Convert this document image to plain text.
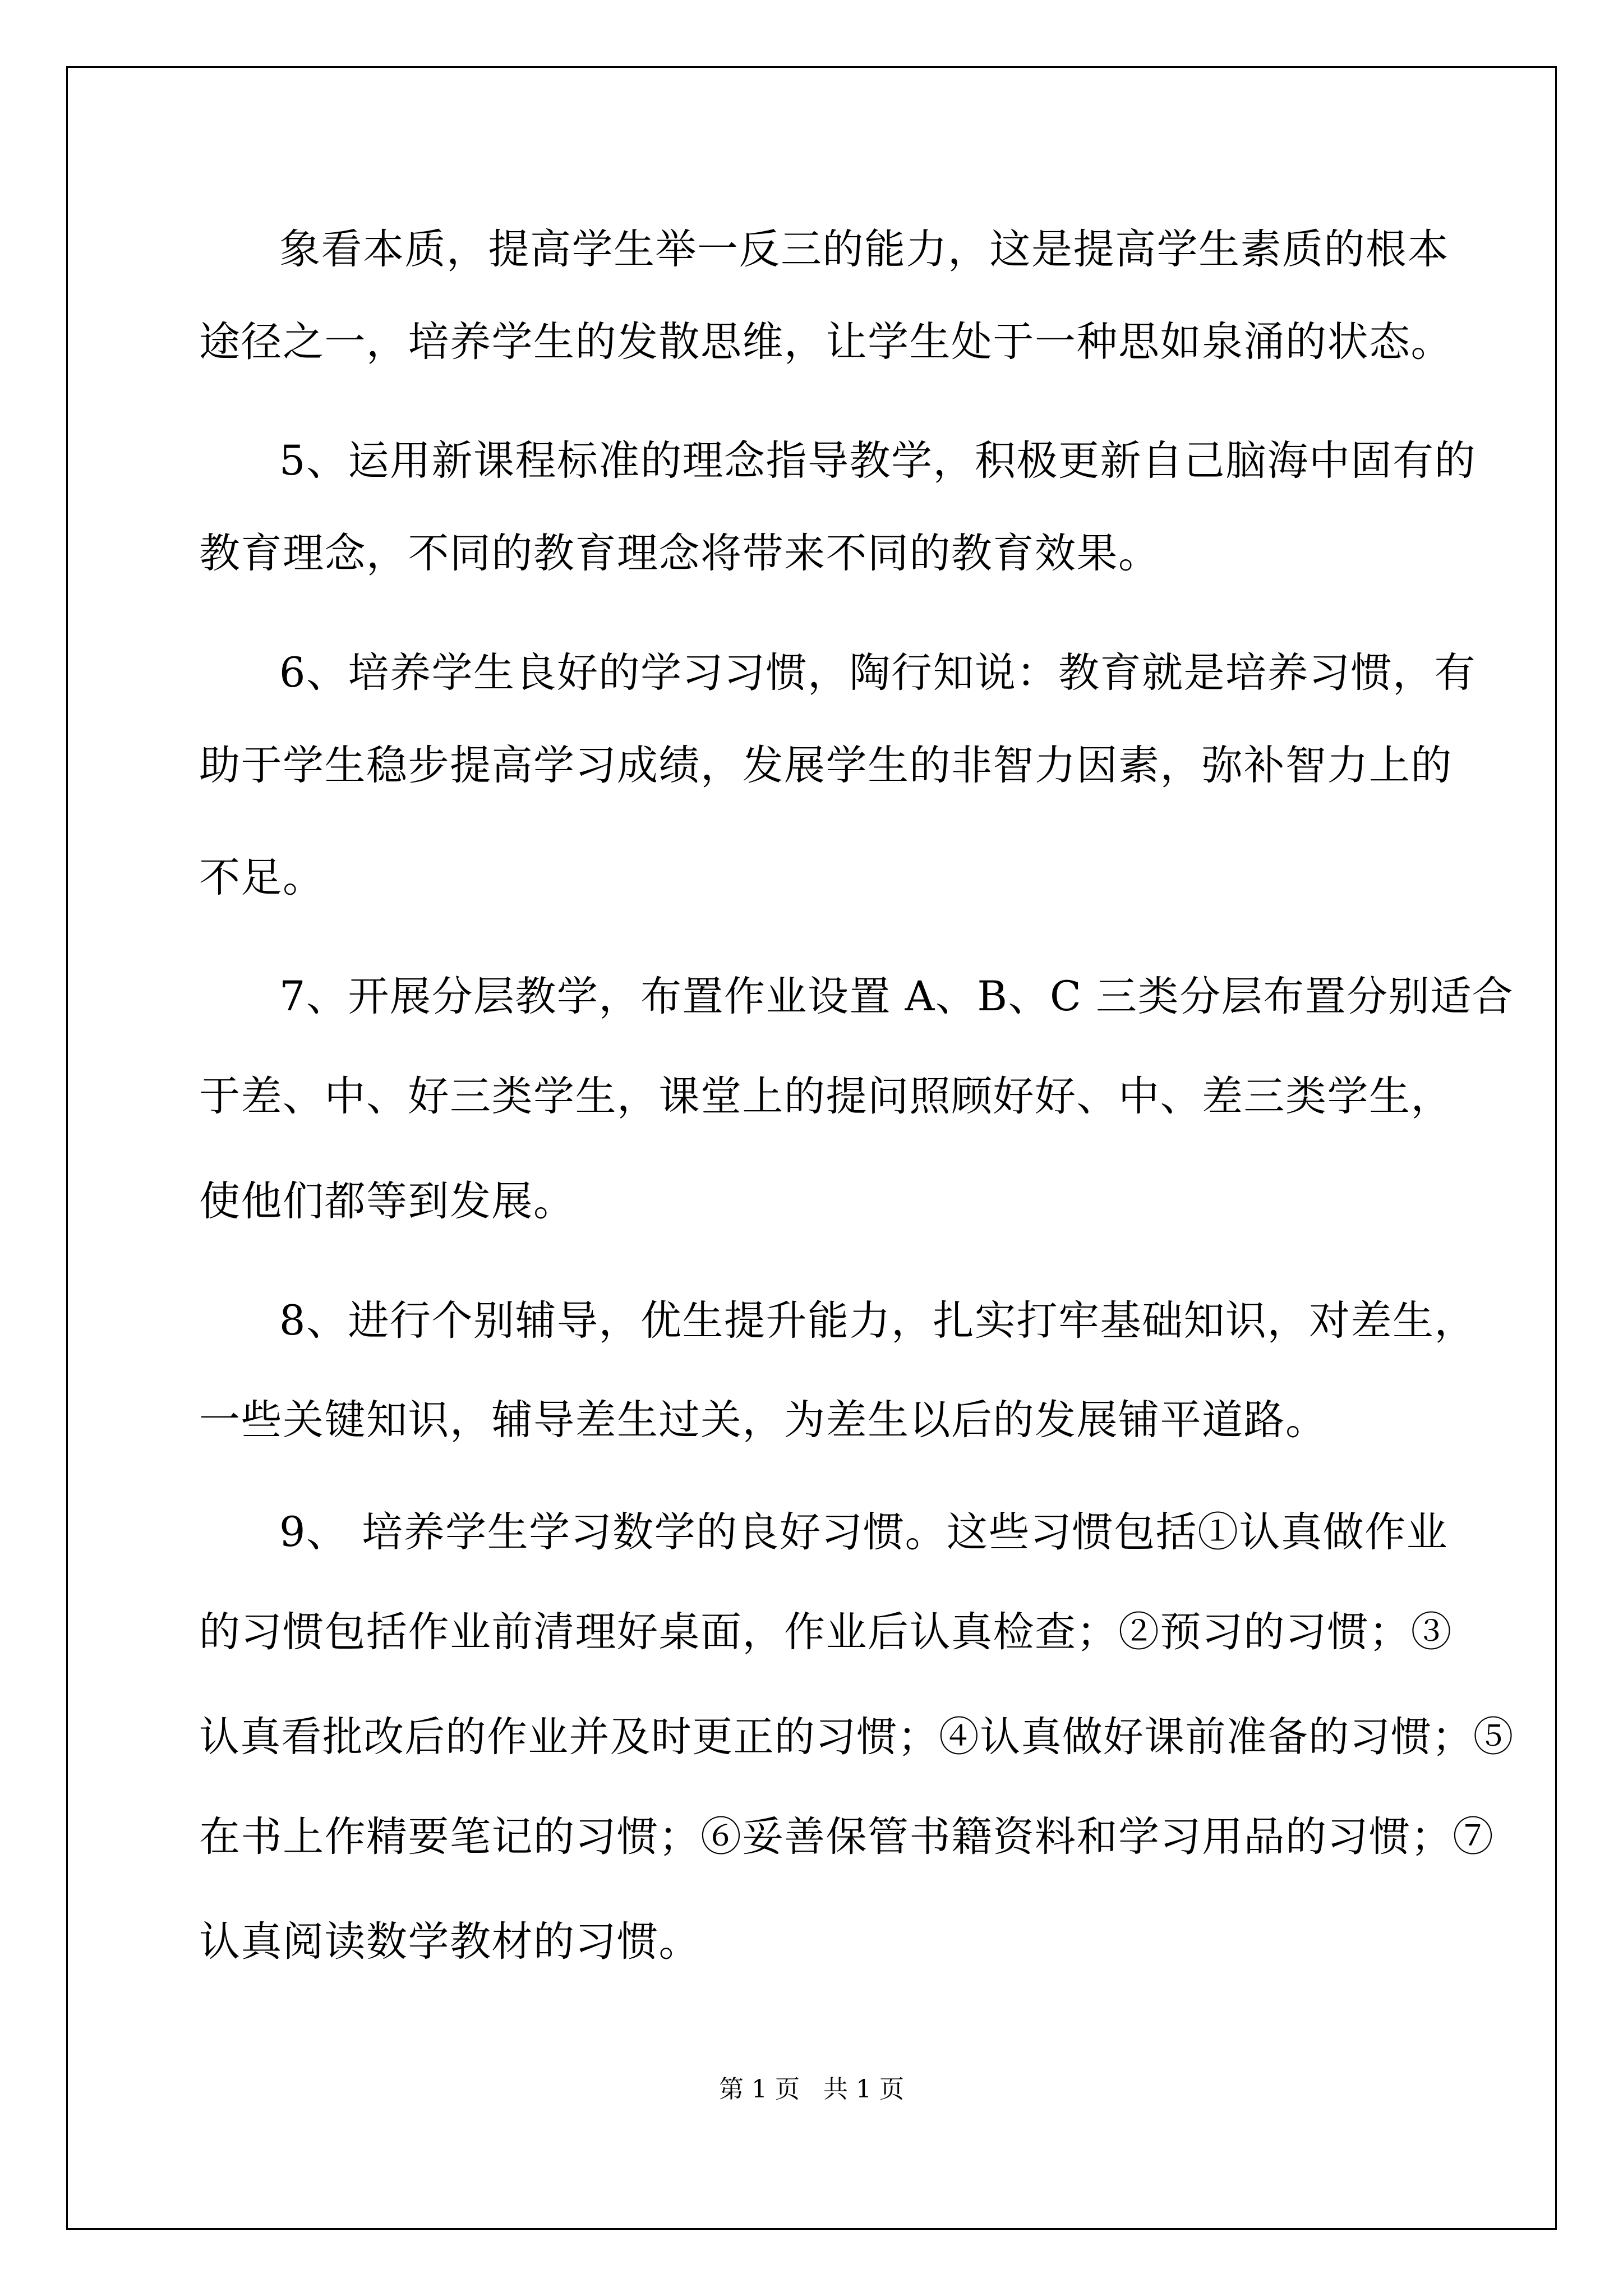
象看本质，提高学生举一反三的能力，这是提高学生素质的根本

途径之一，培养学生的发散思维，让学生处于一种思如泉涌的状态。

5、运用新课程标准的理念指导教学，积极更新自己脑海中固有的

教育理念，不同的教育理念将带来不同的教育效果。

6、培养学生良好的学习习惯，陶行知说：教育就是培养习惯，有

助于学生稳步提高学习成绩，发展学生的非智力因素，弥补智力上的

不足。

7、开展分层教学，布置作业设置 A、B、C 三类分层布置分别适合

于差、中、好三类学生，课堂上的提问照顾好好、中、差三类学生，

使他们都等到发展。

8、进行个别辅导，优生提升能力，扎实打牢基础知识，对差生，

一些关键知识，辅导差生过关，为差生以后的发展铺平道路。

9、 培养学生学习数学的良好习惯。这些习惯包括①认真做作业

的习惯包括作业前清理好桌面，作业后认真检查；②预习的习惯；③

认真看批改后的作业并及时更正的习惯；④认真做好课前准备的习惯；⑤

在书上作精要笔记的习惯；⑥妥善保管书籍资料和学习用品的习惯；⑦

认真阅读数学教材的习惯。

第 1 页   共 1 页
